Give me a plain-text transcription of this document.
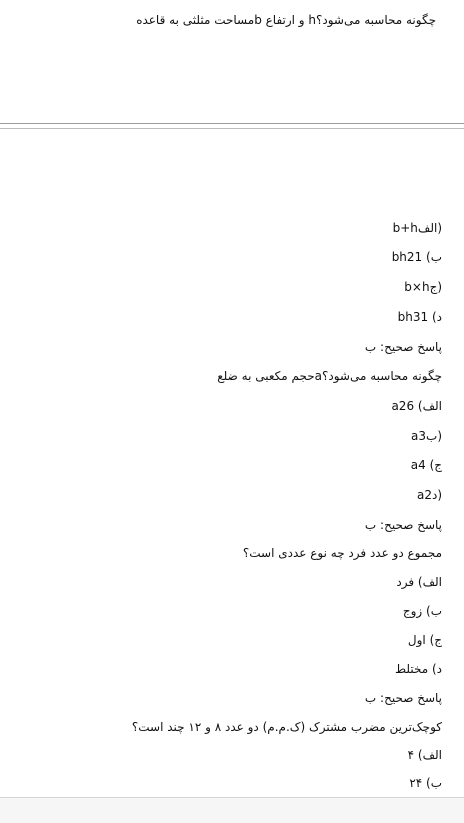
چگونه محاسبه می‌شود؟h و ارتفاع bمساحت مثلثی به قاعده
b+hالف)
bhب) 21
b×hج)
bhد) 31
پاسخ صحیح: ب
چگونه محاسبه می‌شود؟aحجم مکعبی به ضلع
a2الف) 6
a3ب)
aج) 4
a2د)
پاسخ صحیح: ب
مجموع دو عدد فرد چه نوع عددی است؟
الف) فرد
ب) زوج
ج) اول
د) مختلط
پاسخ صحیح: ب
کوچک‌ترین مضرب مشترک (ک.م.م) دو عدد ۸ و ۱۲ چند است؟
الف) ۴
ب) ۲۴
